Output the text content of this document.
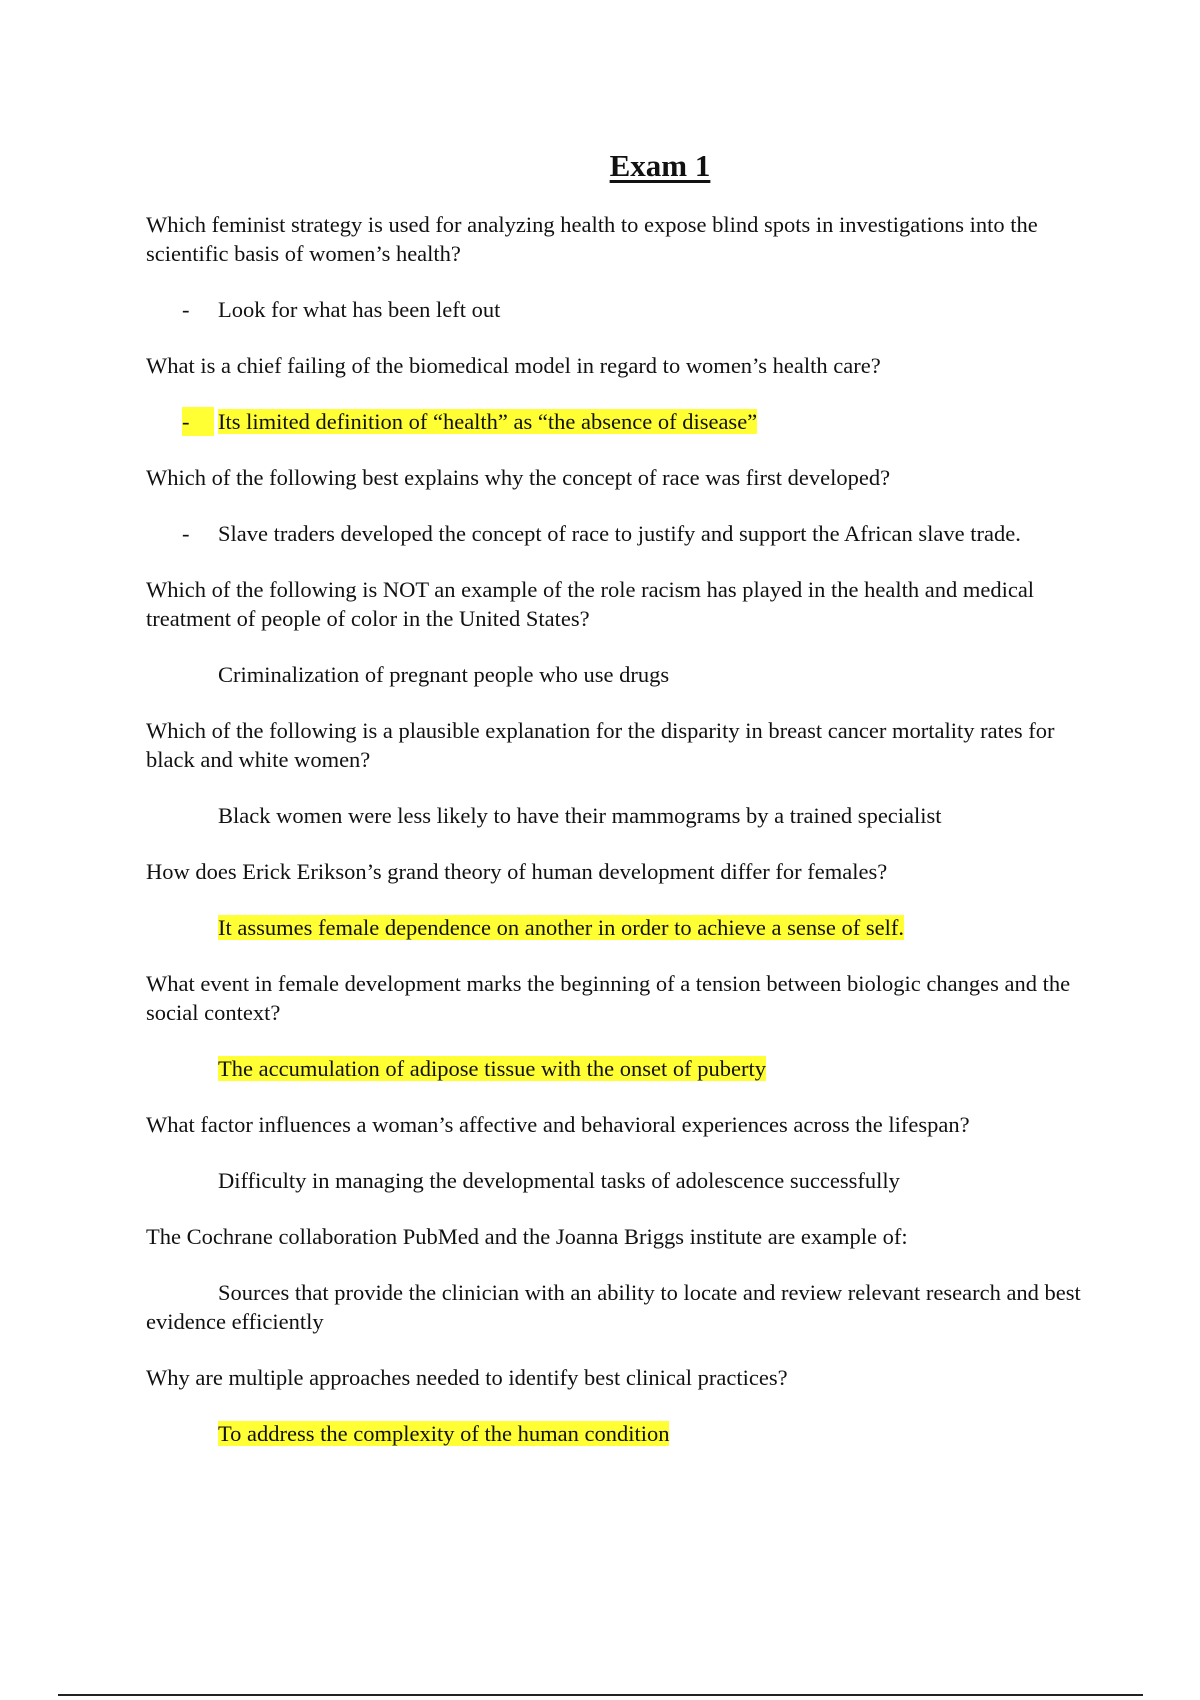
Exam 1

Which feminist strategy is used for analyzing health to expose blind spots in investigations into the scientific basis of women’s health?

- Look for what has been left out

What is a chief failing of the biomedical model in regard to women’s health care?

-	Its limited definition of “health” as “the absence of disease”

Which of the following best explains why the concept of race was first developed?

- Slave traders developed the concept of race to justify and support the African slave trade.

Which of the following is NOT an example of the role racism has played in the health and medical treatment of people of color in the United States?

Criminalization of pregnant people who use drugs

Which of the following is a plausible explanation for the disparity in breast cancer mortality rates for black and white women?

Black women were less likely to have their mammograms by a trained specialist

How does Erick Erikson’s grand theory of human development differ for females?

It assumes female dependence on another in order to achieve a sense of self.

What event in female development marks the beginning of a tension between biologic changes and the social context?

The accumulation of adipose tissue with the onset of puberty

What factor influences a woman’s affective and behavioral experiences across the lifespan?

Difficulty in managing the developmental tasks of adolescence successfully

The Cochrane collaboration PubMed and the Joanna Briggs institute are example of:

Sources that provide the clinician with an ability to locate and review relevant research and best evidence efficiently

Why are multiple approaches needed to identify best clinical practices?

To address the complexity of the human condition
